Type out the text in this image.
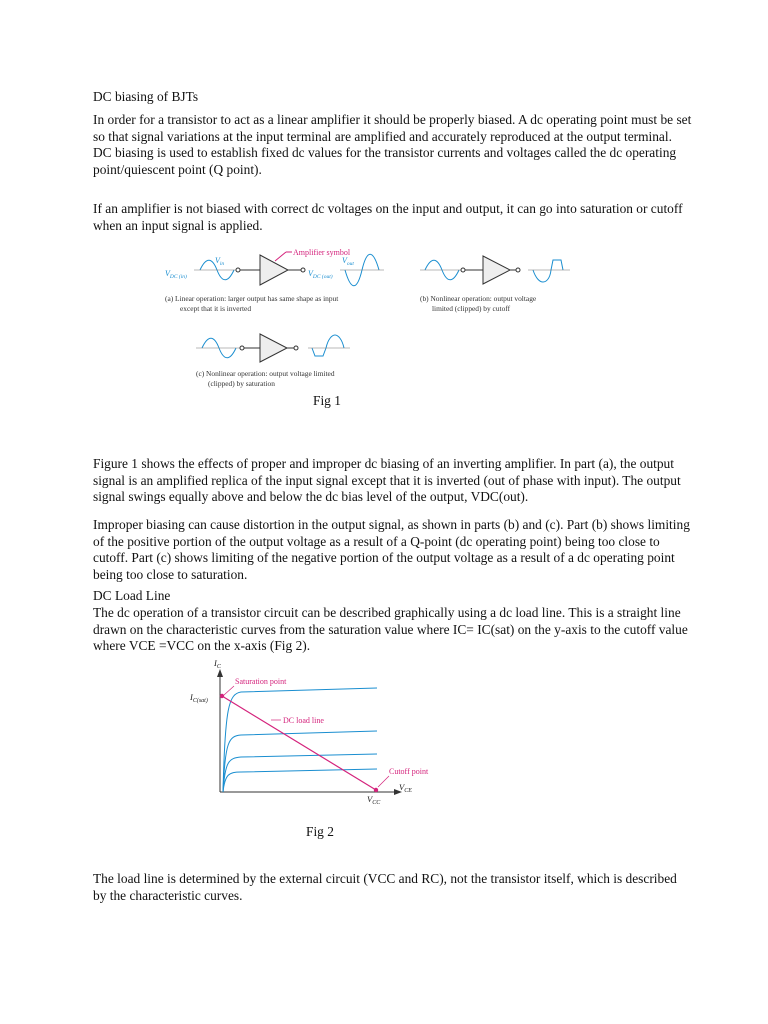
DC biasing of BJTs

In order for a transistor to act as a linear amplifier it should be properly biased. A dc operating point must be set so that signal variations at the input terminal are amplified and accurately reproduced at the output terminal. DC biasing is used to establish fixed dc values for the transistor currents and voltages called the dc operating point/quiescent point (Q point).

If an amplifier is not biased with correct dc voltages on the input and output, it can go into saturation or cutoff when an input signal is applied.

$V_{in}$
$V_{DC (in)}$
$V_{out}$
$V_{DC (out)}$
Amplifier symbol
(a) Linear operation: larger output has same shape as input
except that it is inverted
(b) Nonlinear operation: output voltage
limited (clipped) by cutoff
(c) Nonlinear operation: output voltage limited
(clipped) by saturation

Fig 1

Figure 1 shows the effects of proper and improper dc biasing of an inverting amplifier. In part (a), the output signal is an amplified replica of the input signal except that it is inverted (out of phase with input). The output signal swings equally above and below the dc bias level of the output, VDC(out).

Improper biasing can cause distortion in the output signal, as shown in parts (b) and (c). Part (b) shows limiting of the positive portion of the output voltage as a result of a Q-point (dc operating point) being too close to cutoff. Part (c) shows limiting of the negative portion of the output voltage as a result of a dc operating point being too close to saturation.

DC Load Line

The dc operation of a transistor circuit can be described graphically using a dc load line. This is a straight line drawn on the characteristic curves from the saturation value where IC= IC(sat) on the y-axis to the cutoff value where VCE =VCC on the x-axis (Fig 2).

Saturation point
DC load line
Cutoff point
$I_C$
$I_{C(sat)}$
$V_{CE}$
$V_{CC}$

Fig 2

The load line is determined by the external circuit (VCC and RC), not the transistor itself, which is described by the characteristic curves.
